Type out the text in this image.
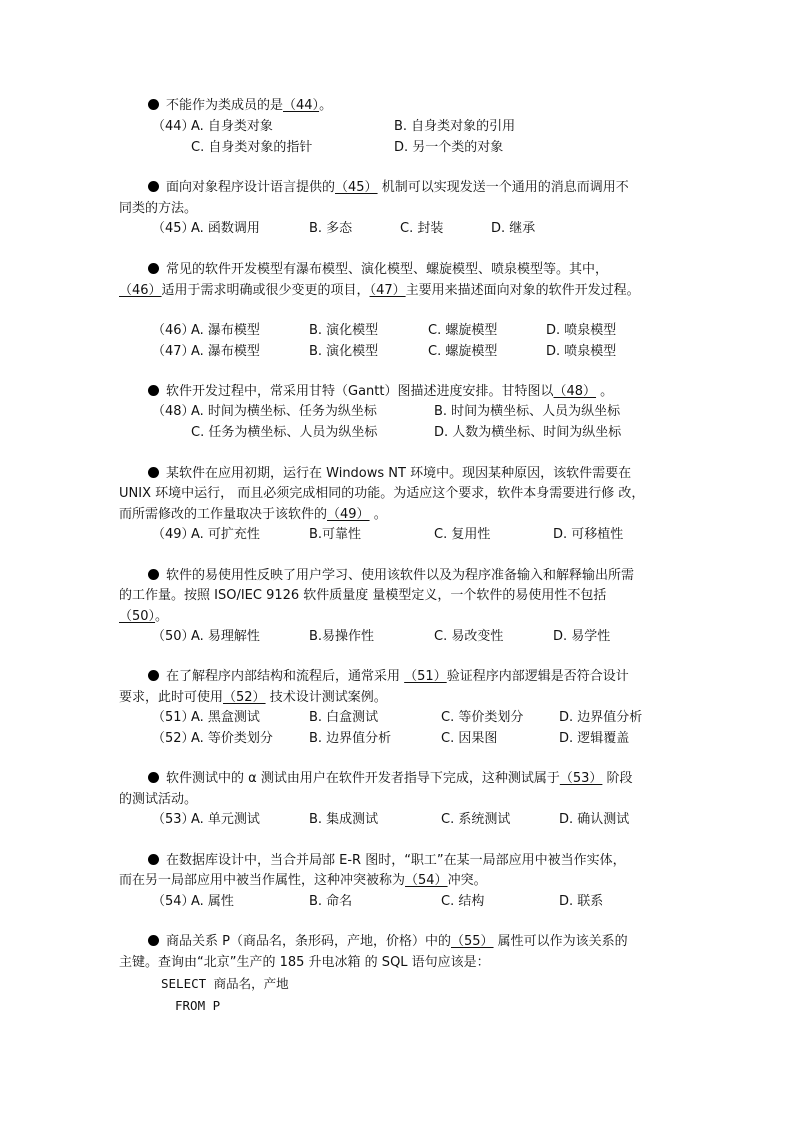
不能作为类成员的是（44）。
（44）
A. 自身类对象	B. 自身类对象的引用
C. 自身类对象的指针	D. 另一个类的对象
面向对象程序设计语言提供的（45） 机制可以实现发送一个通用的消息而调用不
同类的方法。
（45）
A. 函数调用	B. 多态	C. 封装	D. 继承
常见的软件开发模型有瀑布模型、演化模型、螺旋模型、喷泉模型等。其中，
（46）适用于需求明确或很少变更的项目，（47）主要用来描述面向对象的软件开发过程。
（46）
A. 瀑布模型	B. 演化模型	C. 螺旋模型	D. 喷泉模型
（47）
A. 瀑布模型	B. 演化模型	C. 螺旋模型	D. 喷泉模型
软件开发过程中，常采用甘特（Gantt）图描述进度安排。甘特图以（48） 。
（48）
A. 时间为横坐标、任务为纵坐标	B. 时间为横坐标、人员为纵坐标
C. 任务为横坐标、人员为纵坐标	D. 人数为横坐标、时间为纵坐标
某软件在应用初期，运行在 Windows NT 环境中。现因某种原因，该软件需要在
UNIX 环境中运行， 而且必须完成相同的功能。为适应这个要求，软件本身需要进行修 改，
而所需修改的工作量取决于该软件的（49） 。
（49）
A. 可扩充性	B.可靠性	C. 复用性	D. 可移植性
软件的易使用性反映了用户学习、使用该软件以及为程序准备输入和解释输出所需
的工作量。按照 ISO/IEC 9126 软件质量度 量模型定义，一个软件的易使用性不包括
（50）。
（50）
A. 易理解性	B.易操作性	C. 易改变性	D. 易学性
在了解程序内部结构和流程后，通常采用 （51）验证程序内部逻辑是否符合设计
要求，此时可使用（52） 技术设计测试案例。
（51）
A. 黑盒测试	B. 白盒测试	C. 等价类划分	D. 边界值分析
（52）
A. 等价类划分	B. 边界值分析	C. 因果图	D. 逻辑覆盖
软件测试中的 α 测试由用户在软件开发者指导下完成，这种测试属于（53） 阶段
的测试活动。
（53）
A. 单元测试	B. 集成测试	C. 系统测试	D. 确认测试
在数据库设计中，当合并局部 E-R 图时，“职工”在某一局部应用中被当作实体，
而在另一局部应用中被当作属性，这种冲突被称为（54）冲突。
（54）
A. 属性	B. 命名	C. 结构	D. 联系
商品关系 P（商品名，条形码，产地，价格）中的（55） 属性可以作为该关系的
主键。查询由“北京”生产的 185 升电冰箱 的 SQL 语句应该是：
SELECT 商品名，产地
FROM P
